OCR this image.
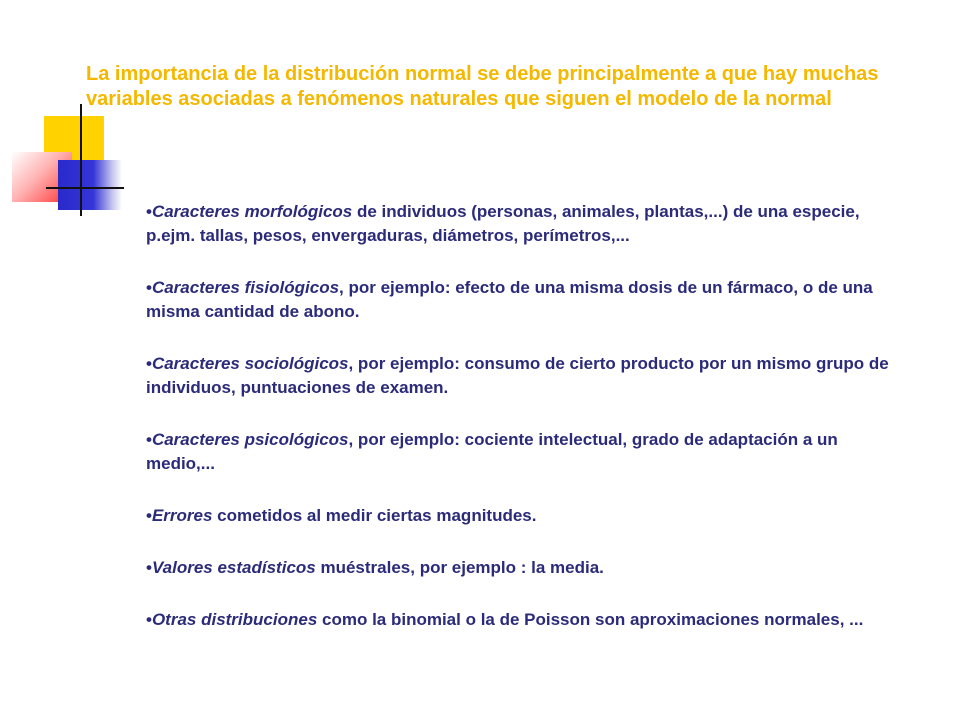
La importancia de la distribución normal se debe principalmente a que hay muchas variables asociadas a fenómenos naturales que siguen el modelo de la normal

•Caracteres morfológicos de individuos (personas, animales, plantas,...) de una especie, p.ejm. tallas, pesos, envergaduras, diámetros, perímetros,...

•Caracteres fisiológicos, por ejemplo: efecto de una misma dosis de un fármaco, o de una misma cantidad de abono.

•Caracteres sociológicos, por ejemplo: consumo de cierto producto por un mismo grupo de individuos, puntuaciones de examen.

•Caracteres psicológicos, por ejemplo: cociente intelectual, grado de adaptación a un medio,...

•Errores cometidos al medir ciertas magnitudes.

•Valores estadísticos muéstrales, por ejemplo : la media.

•Otras distribuciones como la binomial o la de Poisson son aproximaciones normales, ...
